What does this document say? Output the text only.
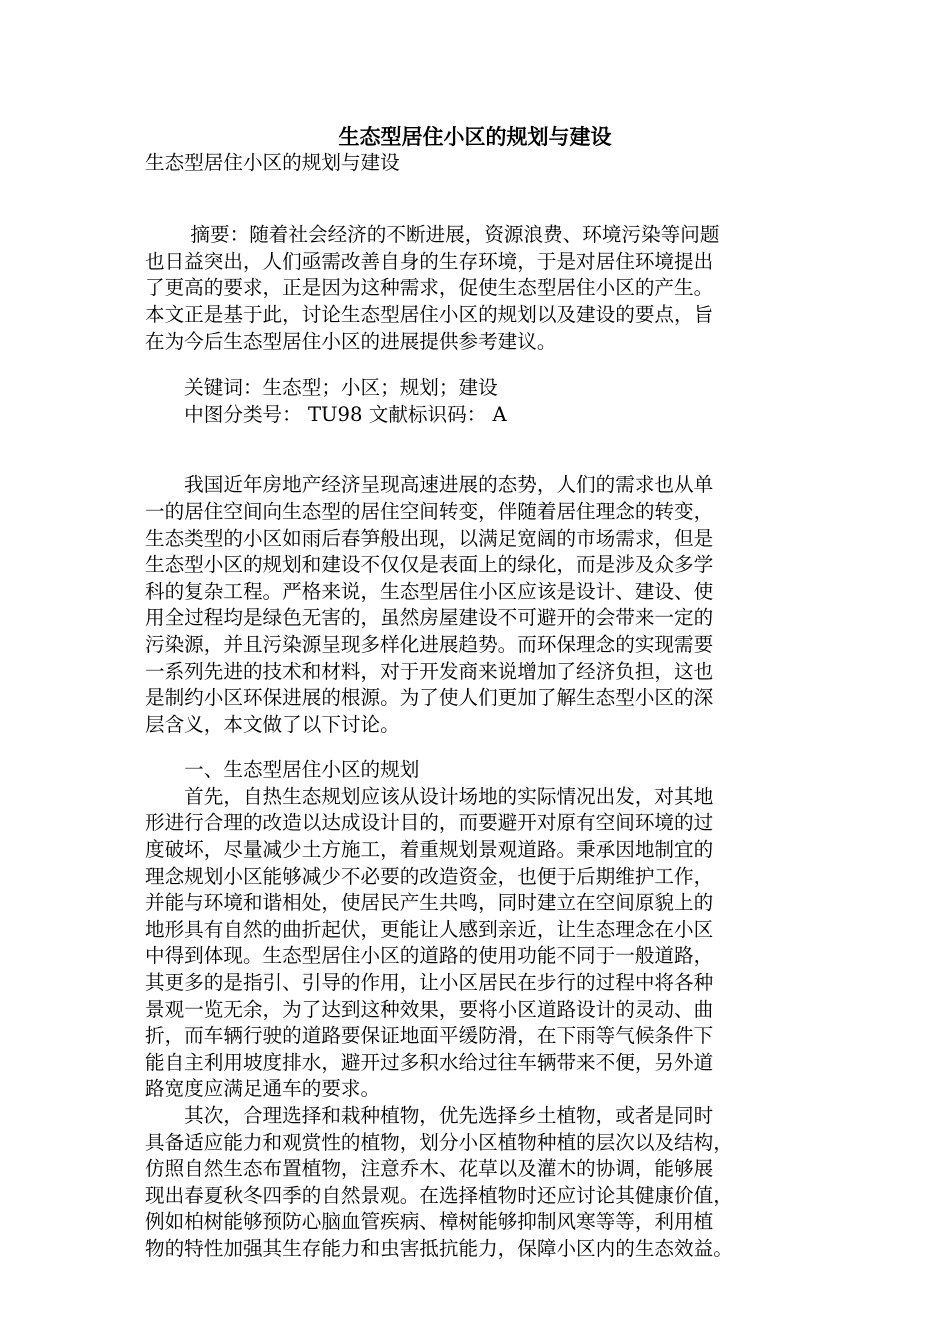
生态型居住小区的规划与建设
生态型居住小区的规划与建设
　　 摘要：随着社会经济的不断进展，资源浪费、环境污染等问题
也日益突出，人们亟需改善自身的生存环境，于是对居住环境提出
了更高的要求，正是因为这种需求，促使生态型居住小区的产生。
本文正是基于此，讨论生态型居住小区的规划以及建设的要点，旨
在为今后生态型居住小区的进展提供参考建议。
　　关键词：生态型；小区；规划；建设
　　中图分类号： TU98 文献标识码： A
　　我国近年房地产经济呈现高速进展的态势，人们的需求也从单
一的居住空间向生态型的居住空间转变，伴随着居住理念的转变，
生态类型的小区如雨后春笋般出现，以满足宽阔的市场需求，但是
生态型小区的规划和建设不仅仅是表面上的绿化，而是涉及众多学
科的复杂工程。严格来说，生态型居住小区应该是设计、建设、使
用全过程均是绿色无害的，虽然房屋建设不可避开的会带来一定的
污染源，并且污染源呈现多样化进展趋势。而环保理念的实现需要
一系列先进的技术和材料，对于开发商来说增加了经济负担，这也
是制约小区环保进展的根源。为了使人们更加了解生态型小区的深
层含义，本文做了以下讨论。
　　一、生态型居住小区的规划
　　首先，自热生态规划应该从设计场地的实际情况出发，对其地
形进行合理的改造以达成设计目的，而要避开对原有空间环境的过
度破坏，尽量减少土方施工，着重规划景观道路。秉承因地制宜的
理念规划小区能够减少不必要的改造资金，也便于后期维护工作，
并能与环境和谐相处，使居民产生共鸣，同时建立在空间原貌上的
地形具有自然的曲折起伏，更能让人感到亲近，让生态理念在小区
中得到体现。生态型居住小区的道路的使用功能不同于一般道路，
其更多的是指引、引导的作用，让小区居民在步行的过程中将各种
景观一览无余，为了达到这种效果，要将小区道路设计的灵动、曲
折，而车辆行驶的道路要保证地面平缓防滑，在下雨等气候条件下
能自主利用坡度排水，避开过多积水给过往车辆带来不便，另外道
路宽度应满足通车的要求。
　　其次，合理选择和栽种植物，优先选择乡土植物，或者是同时
具备适应能力和观赏性的植物，划分小区植物种植的层次以及结构，
仿照自然生态布置植物，注意乔木、花草以及灌木的协调，能够展
现出春夏秋冬四季的自然景观。在选择植物时还应讨论其健康价值，
例如柏树能够预防心脑血管疾病、樟树能够抑制风寒等等，利用植
物的特性加强其生存能力和虫害抵抗能力，保障小区内的生态效益。
